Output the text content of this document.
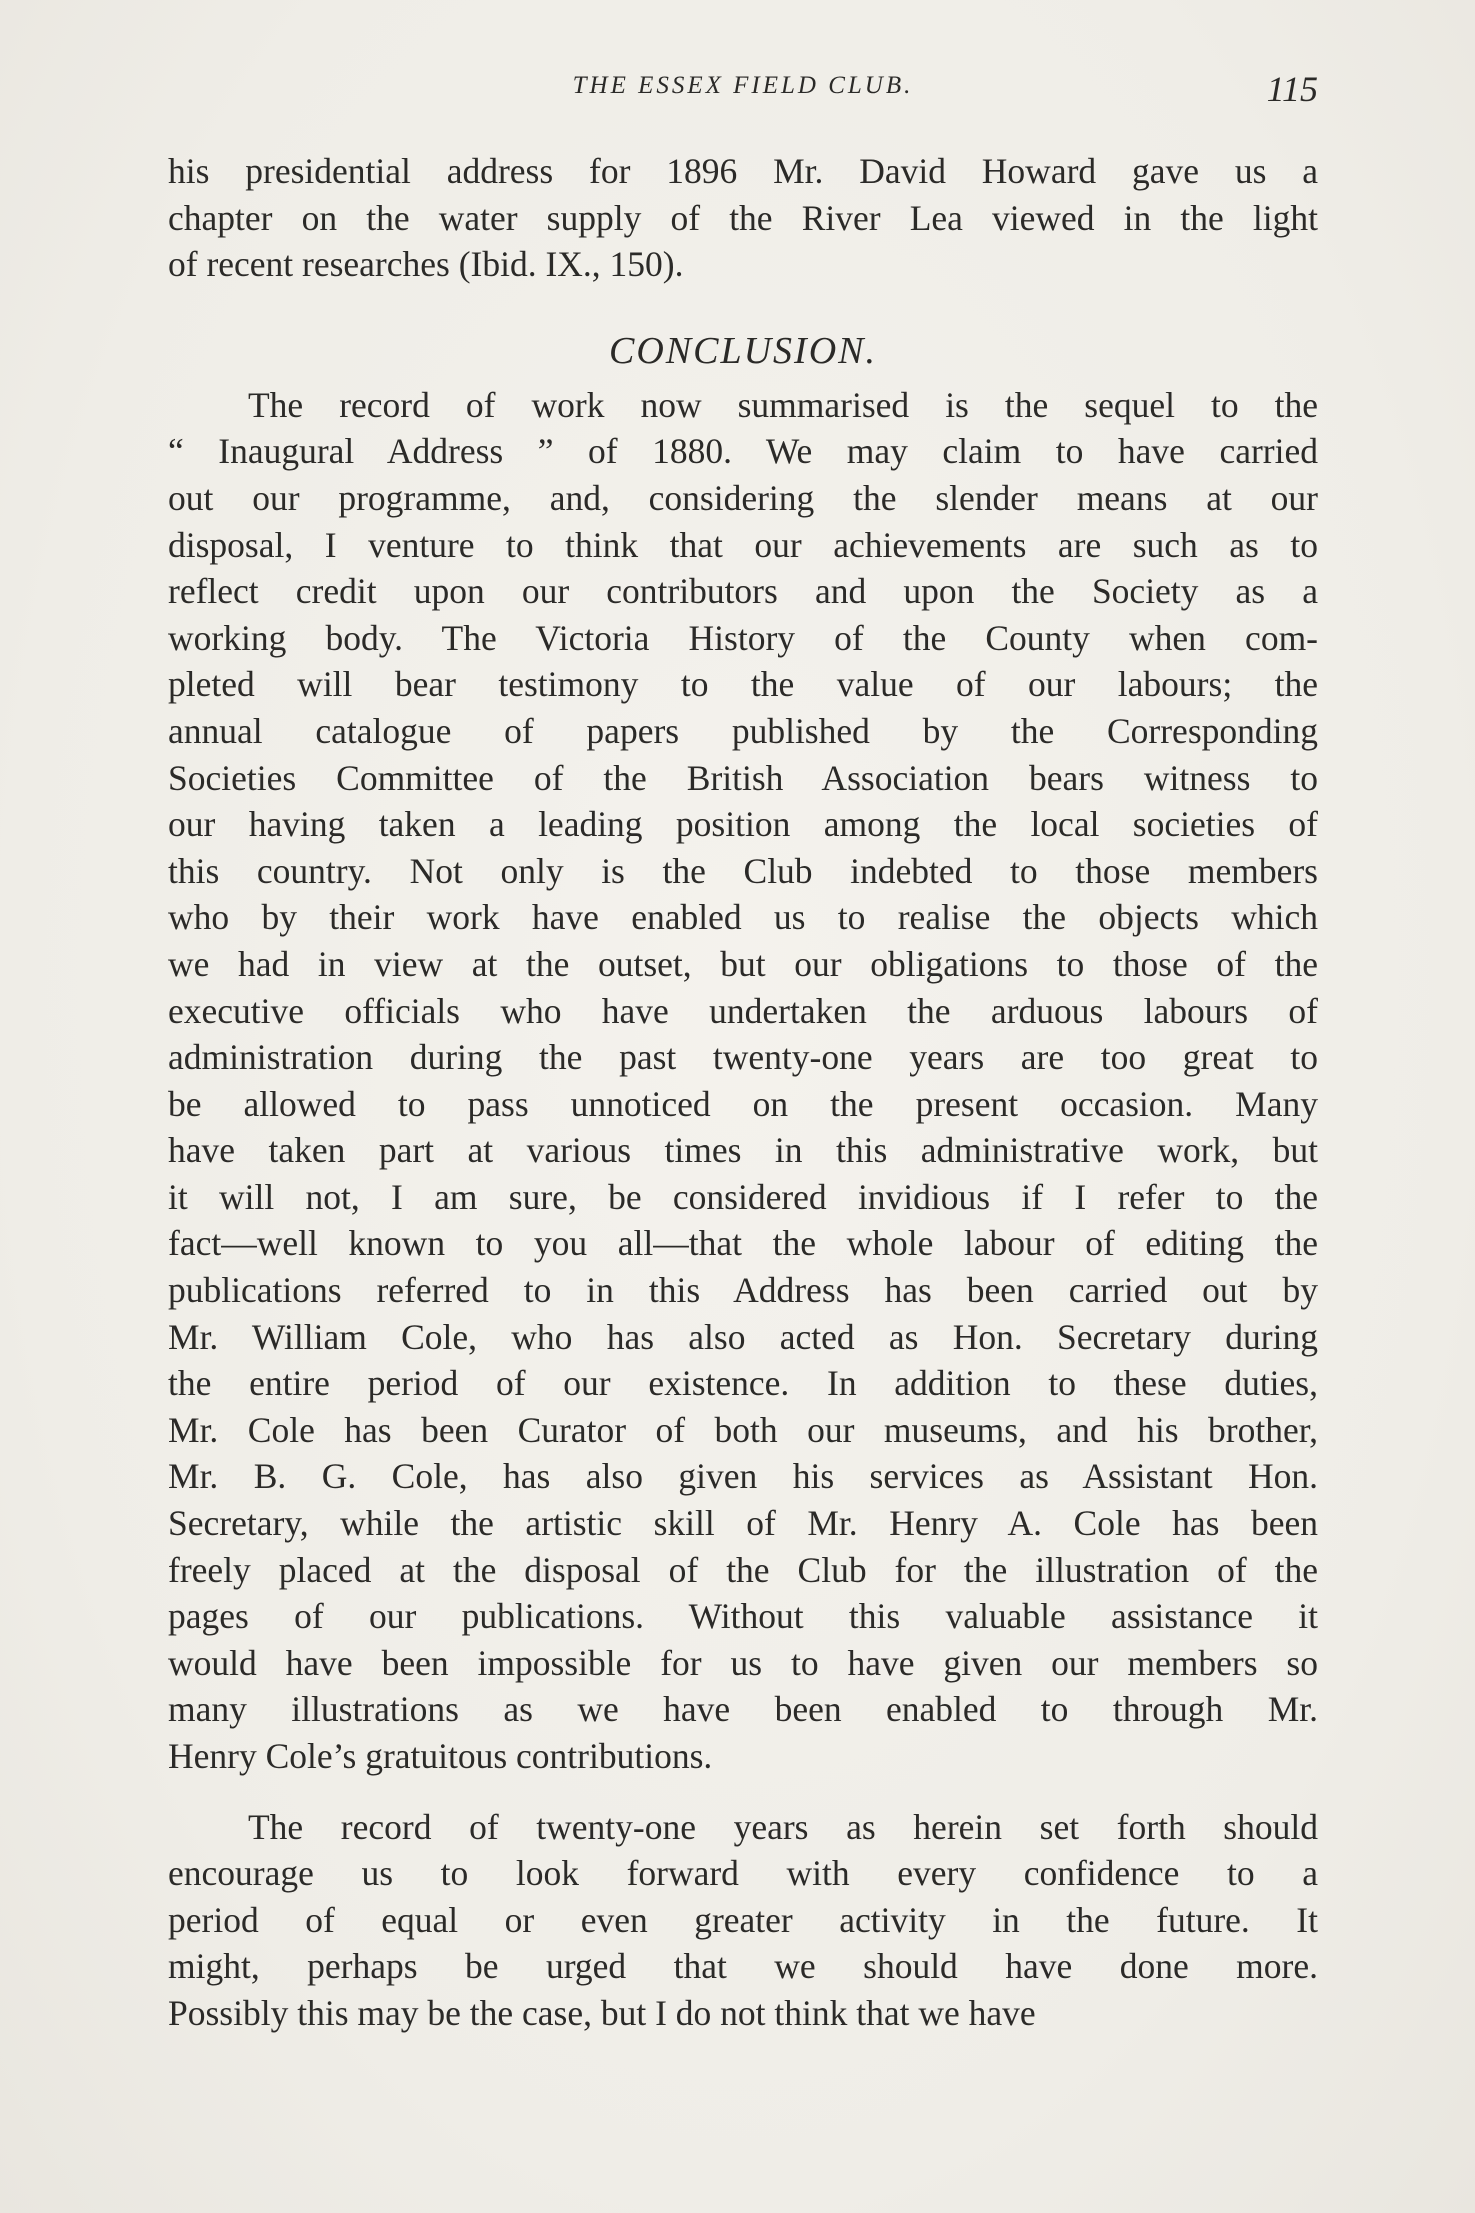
THE ESSEX FIELD CLUB.	115
his presidential address for 1896 Mr. David Howard gave us a
chapter on the water supply of the River Lea viewed in the light
of recent researches (Ibid. IX., 150).
CONCLUSION.
The record of work now summarised is the sequel to the
“ Inaugural Address ” of 1880. We may claim to have carried
out our programme, and, considering the slender means at our
disposal, I venture to think that our achievements are such as to
reflect credit upon our contributors and upon the Society as a
working body. The Victoria History of the County when com-
pleted will bear testimony to the value of our labours; the
annual catalogue of papers published by the Corresponding
Societies Committee of the British Association bears witness to
our having taken a leading position among the local societies of
this country. Not only is the Club indebted to those members
who by their work have enabled us to realise the objects which
we had in view at the outset, but our obligations to those of the
executive officials who have undertaken the arduous labours of
administration during the past twenty-one years are too great to
be allowed to pass unnoticed on the present occasion. Many
have taken part at various times in this administrative work, but
it will not, I am sure, be considered invidious if I refer to the
fact—well known to you all—that the whole labour of editing the
publications referred to in this Address has been carried out by
Mr. William Cole, who has also acted as Hon. Secretary during
the entire period of our existence. In addition to these duties,
Mr. Cole has been Curator of both our museums, and his brother,
Mr. B. G. Cole, has also given his services as Assistant Hon.
Secretary, while the artistic skill of Mr. Henry A. Cole has been
freely placed at the disposal of the Club for the illustration of the
pages of our publications. Without this valuable assistance it
would have been impossible for us to have given our members so
many illustrations as we have been enabled to through Mr.
Henry Cole’s gratuitous contributions.
The record of twenty-one years as herein set forth should
encourage us to look forward with every confidence to a
period of equal or even greater activity in the future. It
might, perhaps be urged that we should have done more.
Possibly this may be the case, but I do not think that we have
